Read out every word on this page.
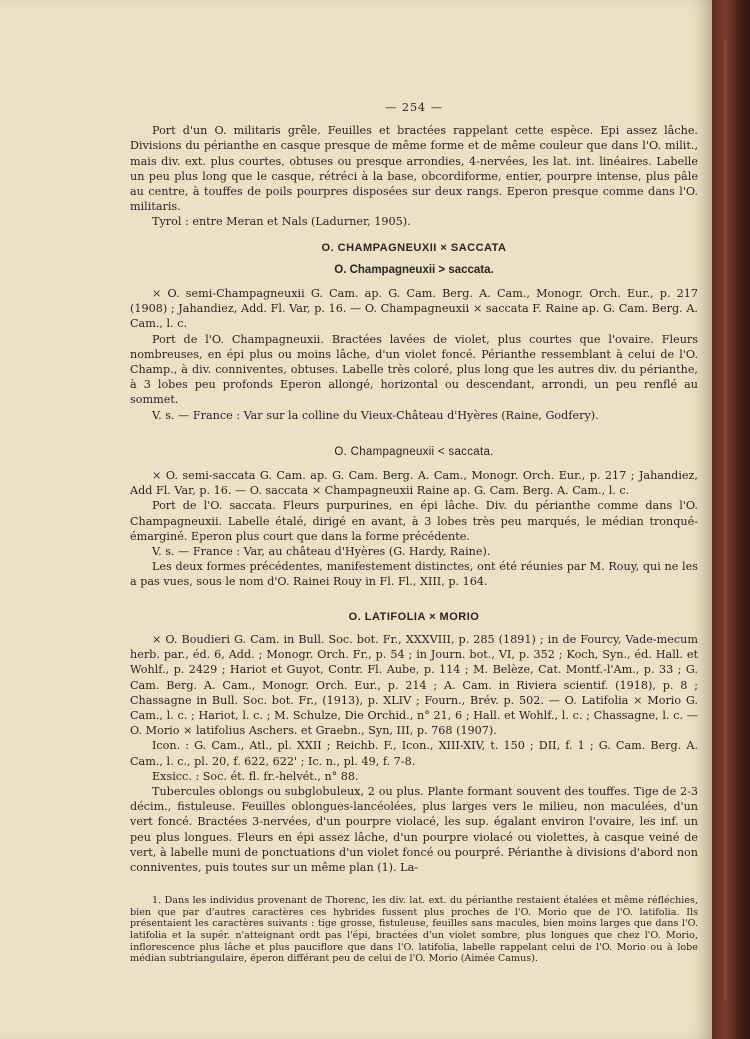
— 254 —

Port d'un O. militaris grêle. Feuilles et bractées rappelant cette espèce. Epi assez lâche. Divisions du périanthe en casque presque de même forme et de même couleur que dans l'O. milit., mais div. ext. plus courtes, obtuses ou presque arrondies, 4-nervées, les lat. int. linéaires. Labelle un peu plus long que le casque, rétréci à la base, obcordiforme, entier, pourpre intense, plus pâle au centre, à touffes de poils pourpres disposées sur deux rangs. Eperon presque comme dans l'O. militaris.

Tyrol : entre Meran et Nals (Ladurner, 1905).

O. CHAMPAGNEUXII × SACCATA
O. Champagneuxii > saccata.

× O. semi-Champagneuxii G. Cam. ap. G. Cam. Berg. A. Cam., Monogr. Orch. Eur., p. 217 (1908) ; Jahandiez, Add. Fl. Var, p. 16. — O. Champagneuxii × saccata F. Raine ap. G. Cam. Berg. A. Cam., l. c.

Port de l'O. Champagneuxii. Bractées lavées de violet, plus courtes que l'ovaire. Fleurs nombreuses, en épi plus ou moins lâche, d'un violet foncé. Périanthe ressemblant à celui de l'O. Champ., à div. conniventes, obtuses. Labelle très coloré, plus long que les autres div. du périanthe, à 3 lobes peu profonds Eperon allongé, horizontal ou descendant, arrondi, un peu renflé au sommet.

V. s. — France : Var sur la colline du Vieux-Château d'Hyères (Raine, Godfery).

O. Champagneuxii < saccata.

× O. semi-saccata G. Cam. ap. G. Cam. Berg. A. Cam., Monogr. Orch. Eur., p. 217 ; Jahandiez, Add Fl. Var, p. 16. — O. saccata × Champagneuxii Raine ap. G. Cam. Berg. A. Cam., l. c.

Port de l'O. saccata. Fleurs purpurines, en épi lâche. Div. du périanthe comme dans l'O. Champagneuxii. Labelle étalé, dirigé en avant, à 3 lobes très peu marqués, le médian tronqué-émarginé. Eperon plus court que dans la forme précédente.

V. s. — France : Var, au château d'Hyères (G. Hardy, Raine).

Les deux formes précédentes, manifestement distinctes, ont été réunies par M. Rouy, qui ne les a pas vues, sous le nom d'O. Rainei Rouy in Fl. Fl., XIII, p. 164.

O. LATIFOLIA × MORIO

× O. Boudieri G. Cam. in Bull. Soc. bot. Fr., XXXVIII, p. 285 (1891) ; in de Fourcy, Vade-mecum herb. par., éd. 6, Add. ; Monogr. Orch. Fr., p. 54 ; in Journ. bot., VI, p. 352 ; Koch, Syn., éd. Hall. et Wohlf., p. 2429 ; Hariot et Guyot, Contr. Fl. Aube, p. 114 ; M. Belèze, Cat. Montf.-l'Am., p. 33 ; G. Cam. Berg. A. Cam., Monogr. Orch. Eur., p. 214 ; A. Cam. in Riviera scientif. (1918), p. 8 ; Chassagne in Bull. Soc. bot. Fr., (1913), p. XLIV ; Fourn., Brév. p. 502. — O. Latifolia × Morio G. Cam., l. c. ; Hariot, l. c. ; M. Schulze, Die Orchid., n° 21, 6 ; Hall. et Wohlf., l. c. ; Chassagne, l. c. — O. Morio × latifolius Aschers. et Graebn., Syn, III, p. 768 (1907).

Icon. : G. Cam., Atl., pl. XXII ; Reichb. F., Icon., XIII-XIV, t. 150 ; DII, f. 1 ; G. Cam. Berg. A. Cam., l. c., pl. 20, f. 622, 622' ; Ic. n., pl. 49, f. 7-8.

Exsicc. : Soc. ét. fl. fr.-helvét., n° 88.

Tubercules oblongs ou subglobuleux, 2 ou plus. Plante formant souvent des touffes. Tige de 2-3 décim., fistuleuse. Feuilles oblongues-lancéolées, plus larges vers le milieu, non maculées, d'un vert foncé. Bractées 3-nervées, d'un pourpre violacé, les sup. égalant environ l'ovaire, les inf. un peu plus longues. Fleurs en épi assez lâche, d'un pourpre violacé ou violettes, à casque veiné de vert, à labelle muni de ponctuations d'un violet foncé ou pourpré. Périanthe à divisions d'abord non conniventes, puis toutes sur un même plan (1). La-

1. Dans les individus provenant de Thorenc, les div. lat. ext. du périanthe restaient étalées et même réfléchies, bien que par d'autres caractères ces hybrides fussent plus proches de l'O. Morio que de l'O. latifolia. Ils présentaient les caractères suivants : tige grosse, fistuleuse, feuilles sans macules, bien moins larges que dans l'O. latifolia et la supér. n'atteignant ordt pas l'épi, bractées d'un violet sombre, plus longues que chez l'O. Morio, inflorescence plus lâche et plus pauciflore que dans l'O. latifolia, labelle rappelant celui de l'O. Morio ou à lobe médian subtriangulaire, éperon différant peu de celui de l'O. Morio (Aimée Camus).
